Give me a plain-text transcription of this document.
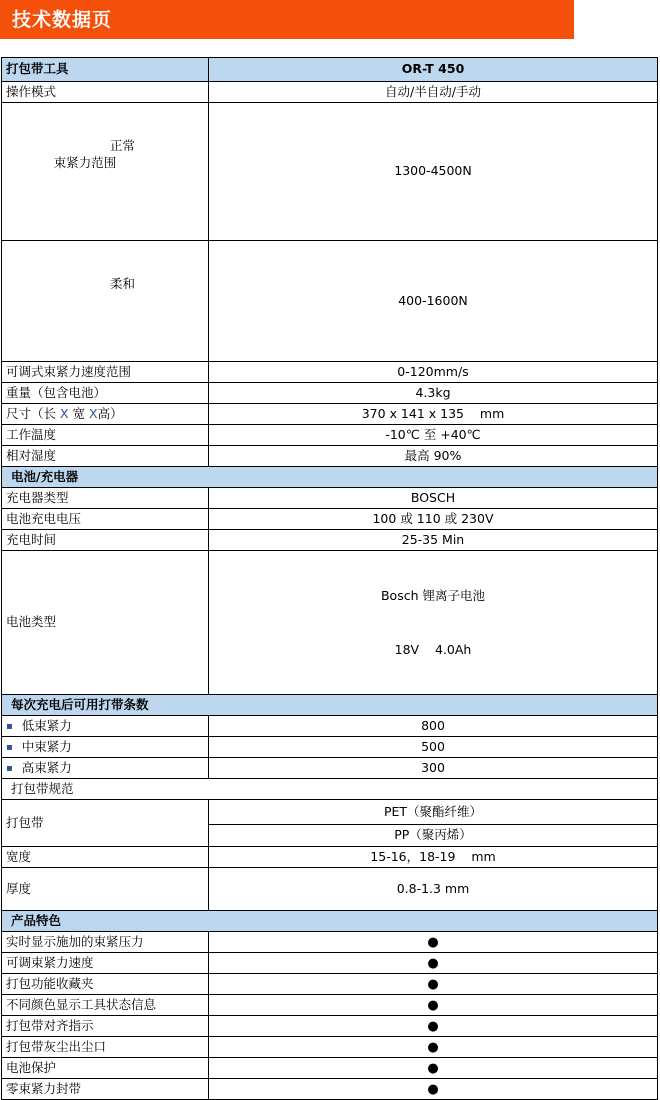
技术数据页
打包带工具	OR-T 450
操作模式	自动/半自动/手动

束紧力范围

正常	1300-4500N

柔和	400-1600N
可调式束紧力速度范围	0-120mm/s
重量（包含电池）	4.3kg
尺寸（长 X 宽 X高）	370 x 141 x 135    mm
工作温度	-10℃ 至 +40℃
相对湿度	最高 90%
电池/充电器	
充电器类型	BOSCH
电池充电电压	100 或 110 或 230V
充电时间	25-35 Min
电池类型	Bosch 锂离子电池

18V    4.0Ah

每次充电后可用打带条数	
▪ 低束紧力	800
▪ 中束紧力	500
▪ 高束紧力	300
打包带规范	
打包带	PET（聚酯纤维）
	PP（聚丙烯）
宽度	15-16，18-19    mm
厚度	0.8-1.3 mm
产品特色	
实时显示施加的束紧压力	●
可调束紧力速度	●
打包功能收藏夹	●
不同颜色显示工具状态信息	●
打包带对齐指示	●
打包带灰尘出尘口	●
电池保护	●
零束紧力封带	●
